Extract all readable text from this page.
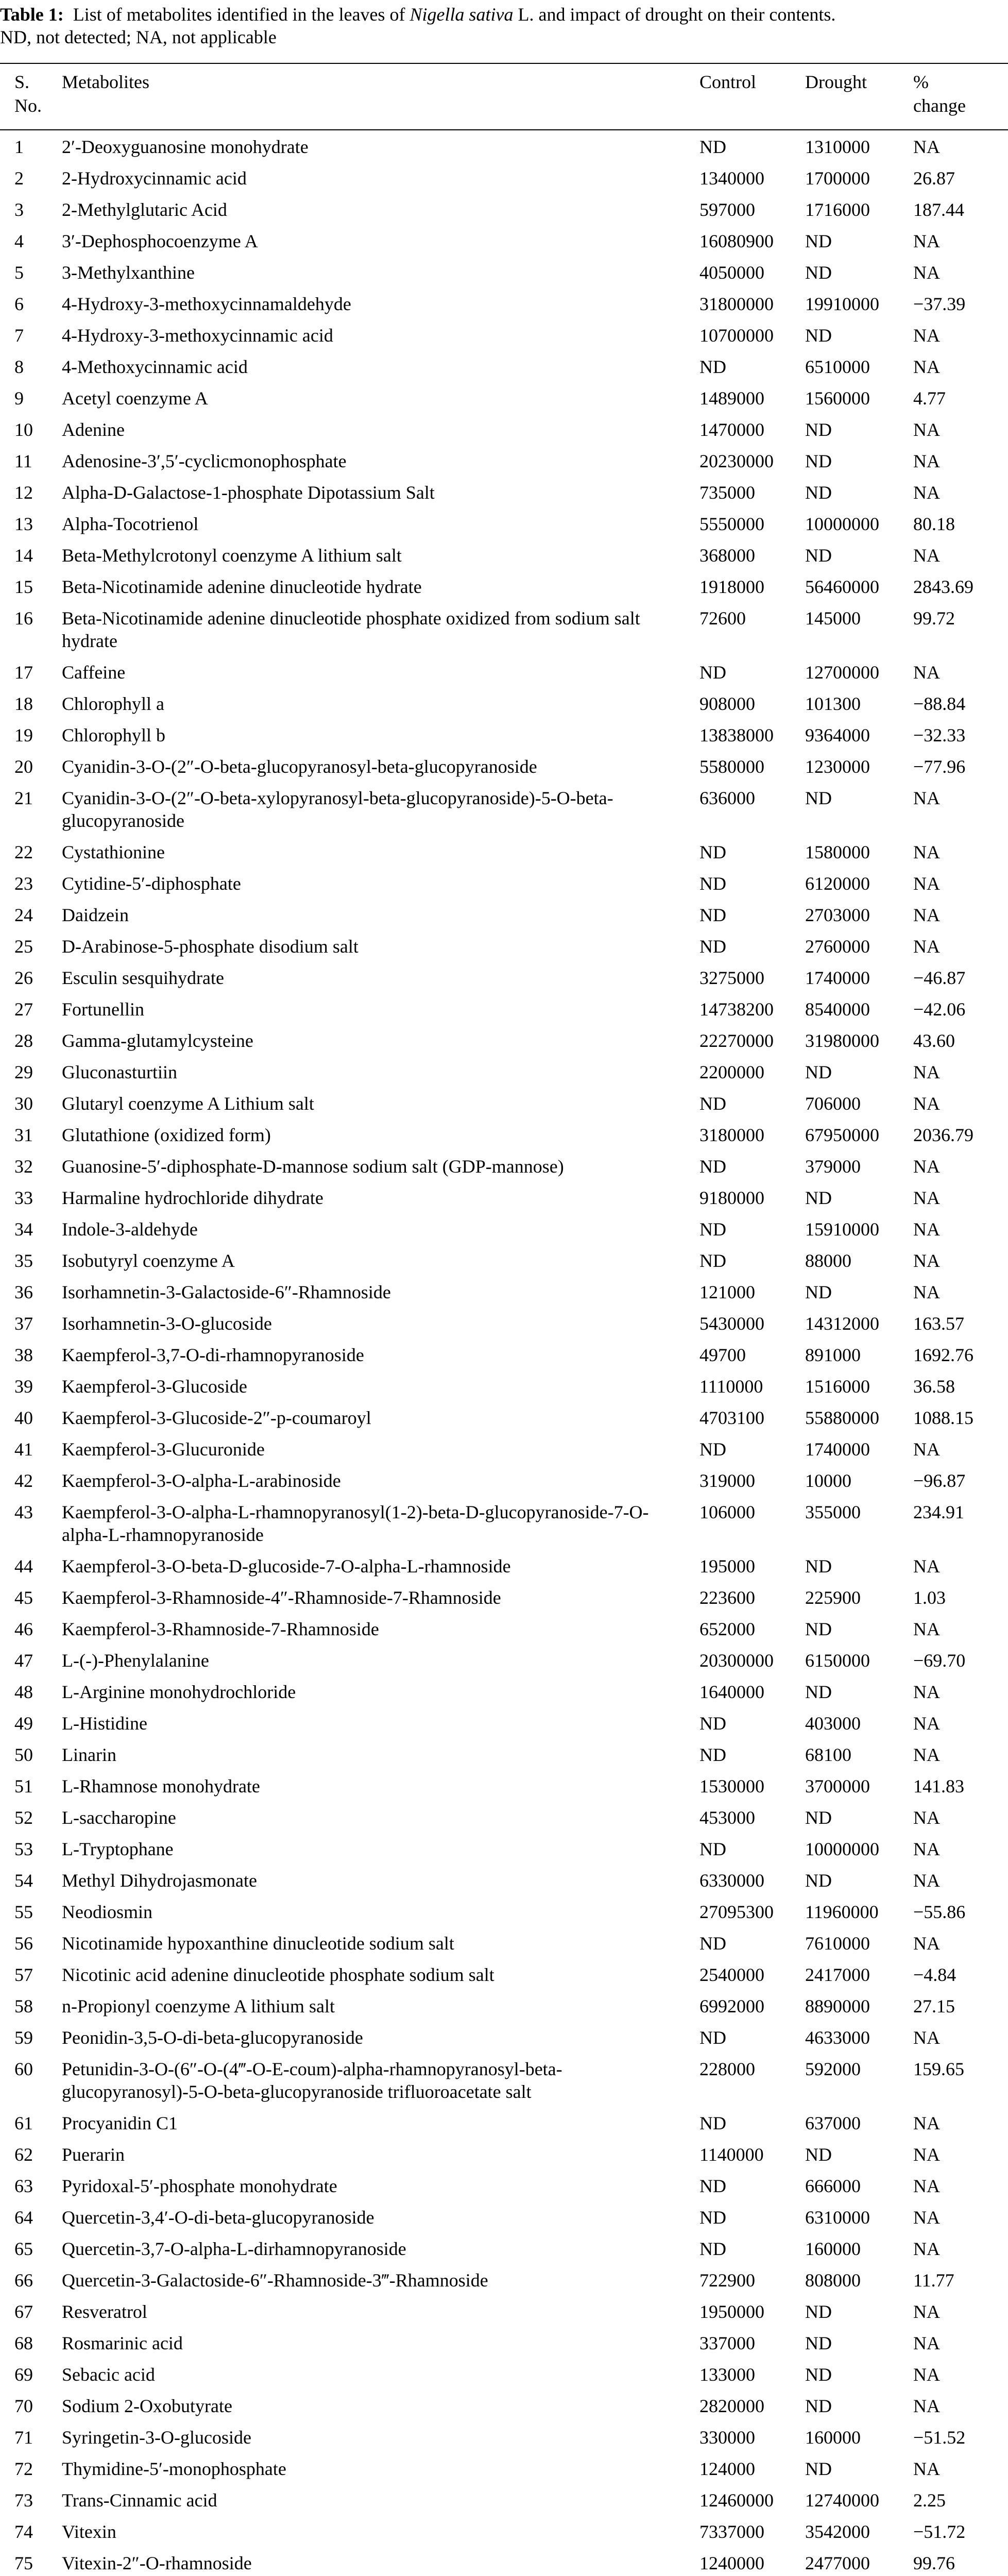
Table 1: List of metabolites identified in the leaves of Nigella sativa L. and impact of drought on their contents.
ND, not detected; NA, not applicable
S.
No.
Metabolites	Control	Drought	%
change
1	2′-Deoxyguanosine monohydrate	ND	1310000	NA
2	2-Hydroxycinnamic acid	1340000	1700000	26.87
3	2-Methylglutaric Acid	597000	1716000	187.44
4	3′-Dephosphocoenzyme A	16080900	ND	NA
5	3-Methylxanthine	4050000	ND	NA
6	4-Hydroxy-3-methoxycinnamaldehyde	31800000	19910000	−37.39
7	4-Hydroxy-3-methoxycinnamic acid	10700000	ND	NA
8	4-Methoxycinnamic acid	ND	6510000	NA
9	Acetyl coenzyme A	1489000	1560000	4.77
10	Adenine	1470000	ND	NA
11	Adenosine-3′,5′-cyclicmonophosphate	20230000	ND	NA
12	Alpha-D-Galactose-1-phosphate Dipotassium Salt	735000	ND	NA
13	Alpha-Tocotrienol	5550000	10000000	80.18
14	Beta-Methylcrotonyl coenzyme A lithium salt	368000	ND	NA
15	Beta-Nicotinamide adenine dinucleotide hydrate	1918000	56460000	2843.69
16	Beta-Nicotinamide adenine dinucleotide phosphate oxidized from sodium salt hydrate	72600	145000	99.72
17	Caffeine	ND	12700000	NA
18	Chlorophyll a	908000	101300	−88.84
19	Chlorophyll b	13838000	9364000	−32.33
20	Cyanidin-3-O-(2″-O-beta-glucopyranosyl-beta-glucopyranoside	5580000	1230000	−77.96
21	Cyanidin-3-O-(2″-O-beta-xylopyranosyl-beta-glucopyranoside)-5-O-beta-glucopyranoside	636000	ND	NA
22	Cystathionine	ND	1580000	NA
23	Cytidine-5′-diphosphate	ND	6120000	NA
24	Daidzein	ND	2703000	NA
25	D-Arabinose-5-phosphate disodium salt	ND	2760000	NA
26	Esculin sesquihydrate	3275000	1740000	−46.87
27	Fortunellin	14738200	8540000	−42.06
28	Gamma-glutamylcysteine	22270000	31980000	43.60
29	Gluconasturtiin	2200000	ND	NA
30	Glutaryl coenzyme A Lithium salt	ND	706000	NA
31	Glutathione (oxidized form)	3180000	67950000	2036.79
32	Guanosine-5′-diphosphate-D-mannose sodium salt (GDP-mannose)	ND	379000	NA
33	Harmaline hydrochloride dihydrate	9180000	ND	NA
34	Indole-3-aldehyde	ND	15910000	NA
35	Isobutyryl coenzyme A	ND	88000	NA
36	Isorhamnetin-3-Galactoside-6″-Rhamnoside	121000	ND	NA
37	Isorhamnetin-3-O-glucoside	5430000	14312000	163.57
38	Kaempferol-3,7-O-di-rhamnopyranoside	49700	891000	1692.76
39	Kaempferol-3-Glucoside	1110000	1516000	36.58
40	Kaempferol-3-Glucoside-2″-p-coumaroyl	4703100	55880000	1088.15
41	Kaempferol-3-Glucuronide	ND	1740000	NA
42	Kaempferol-3-O-alpha-L-arabinoside	319000	10000	−96.87
43	Kaempferol-3-O-alpha-L-rhamnopyranosyl(1-2)-beta-D-glucopyranoside-7-O-alpha-L-rhamnopyranoside	106000	355000	234.91
44	Kaempferol-3-O-beta-D-glucoside-7-O-alpha-L-rhamnoside	195000	ND	NA
45	Kaempferol-3-Rhamnoside-4″-Rhamnoside-7-Rhamnoside	223600	225900	1.03
46	Kaempferol-3-Rhamnoside-7-Rhamnoside	652000	ND	NA
47	L-(-)-Phenylalanine	20300000	6150000	−69.70
48	L-Arginine monohydrochloride	1640000	ND	NA
49	L-Histidine	ND	403000	NA
50	Linarin	ND	68100	NA
51	L-Rhamnose monohydrate	1530000	3700000	141.83
52	L-saccharopine	453000	ND	NA
53	L-Tryptophane	ND	10000000	NA
54	Methyl Dihydrojasmonate	6330000	ND	NA
55	Neodiosmin	27095300	11960000	−55.86
56	Nicotinamide hypoxanthine dinucleotide sodium salt	ND	7610000	NA
57	Nicotinic acid adenine dinucleotide phosphate sodium salt	2540000	2417000	−4.84
58	n-Propionyl coenzyme A lithium salt	6992000	8890000	27.15
59	Peonidin-3,5-O-di-beta-glucopyranoside	ND	4633000	NA
60	Petunidin-3-O-(6″-O-(4‴-O-E-coum)-alpha-rhamnopyranosyl-beta-glucopyranosyl)-5-O-beta-glucopyranoside trifluoroacetate salt	228000	592000	159.65
61	Procyanidin C1	ND	637000	NA
62	Puerarin	1140000	ND	NA
63	Pyridoxal-5′-phosphate monohydrate	ND	666000	NA
64	Quercetin-3,4′-O-di-beta-glucopyranoside	ND	6310000	NA
65	Quercetin-3,7-O-alpha-L-dirhamnopyranoside	ND	160000	NA
66	Quercetin-3-Galactoside-6″-Rhamnoside-3‴-Rhamnoside	722900	808000	11.77
67	Resveratrol	1950000	ND	NA
68	Rosmarinic acid	337000	ND	NA
69	Sebacic acid	133000	ND	NA
70	Sodium 2-Oxobutyrate	2820000	ND	NA
71	Syringetin-3-O-glucoside	330000	160000	−51.52
72	Thymidine-5′-monophosphate	124000	ND	NA
73	Trans-Cinnamic acid	12460000	12740000	2.25
74	Vitexin	7337000	3542000	−51.72
75	Vitexin-2″-O-rhamnoside	1240000	2477000	99.76
